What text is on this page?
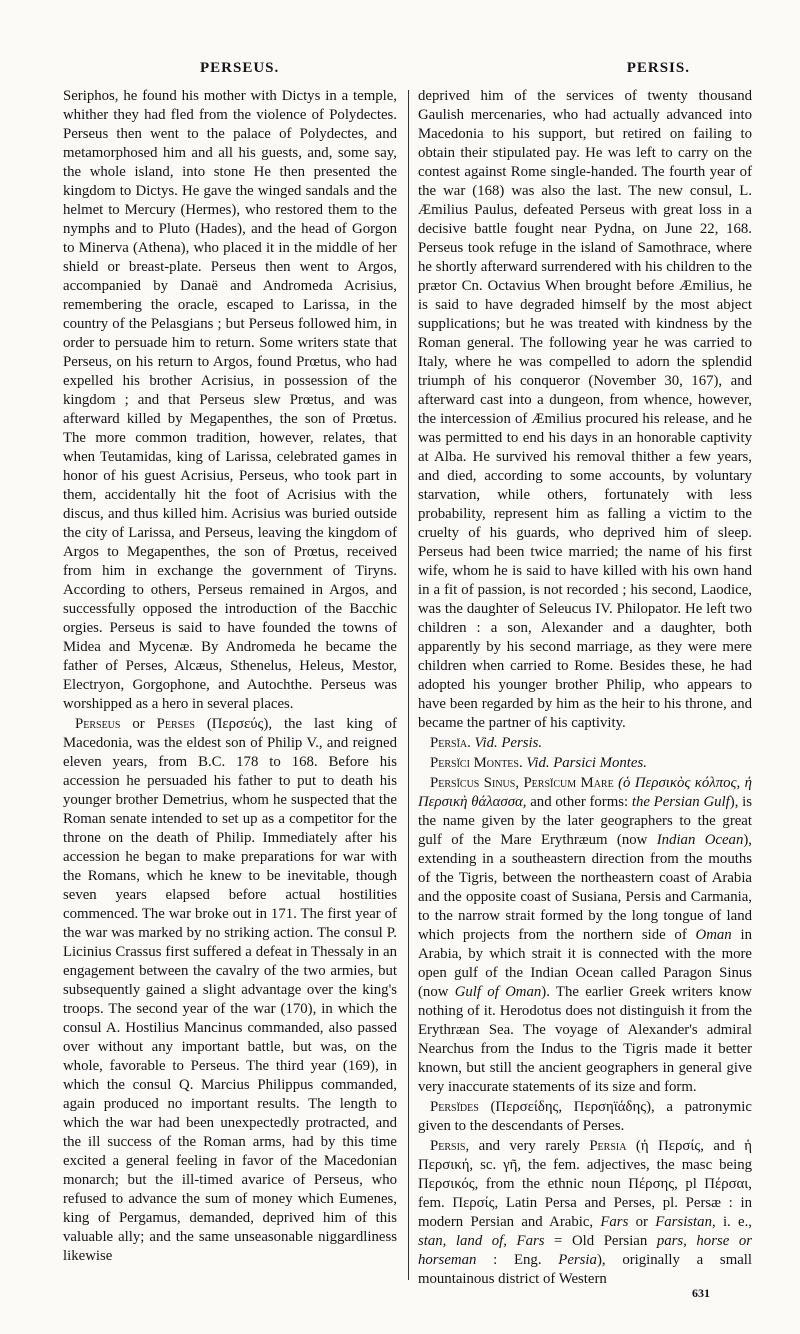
PERSEUS.	PERSIS.

Seriphos, he found his mother with Dictys in a temple, whither they had fled from the violence of Polydectes. Perseus then went to the palace of Polydectes, and metamorphosed him and all his guests, and, some say, the whole island, into stone He then presented the kingdom to Dictys. He gave the winged sandals and the helmet to Mercury (Hermes), who restored them to the nymphs and to Pluto (Hades), and the head of Gorgon to Minerva (Athena), who placed it in the middle of her shield or breast-plate. Perseus then went to Argos, accompanied by Danaë and Andromeda Acrisius, remembering the oracle, escaped to Larissa, in the country of the Pelasgians ; but Perseus followed him, in order to persuade him to return. Some writers state that Perseus, on his return to Argos, found Prœtus, who had expelled his brother Acrisius, in possession of the kingdom ; and that Perseus slew Prœtus, and was afterward killed by Megapenthes, the son of Prœtus. The more common tradition, however, relates, that when Teutamidas, king of Larissa, celebrated games in honor of his guest Acrisius, Perseus, who took part in them, accidentally hit the foot of Acrisius with the discus, and thus killed him. Acrisius was buried outside the city of Larissa, and Perseus, leaving the kingdom of Argos to Megapenthes, the son of Prœtus, received from him in exchange the government of Tiryns. According to others, Perseus remained in Argos, and successfully opposed the introduction of the Bacchic orgies. Perseus is said to have founded the towns of Midea and Mycenæ. By Andromeda he became the father of Perses, Alcæus, Sthenelus, Heleus, Mestor, Electryon, Gorgophone, and Autochthe. Perseus was worshipped as a hero in several places.

Perseus or Perses (Περσεύς), the last king of Macedonia, was the eldest son of Philip V., and reigned eleven years, from B.C. 178 to 168. Before his accession he persuaded his father to put to death his younger brother Demetrius, whom he suspected that the Roman senate intended to set up as a competitor for the throne on the death of Philip. Immediately after his accession he began to make preparations for war with the Romans, which he knew to be inevitable, though seven years elapsed before actual hostilities commenced. The war broke out in 171. The first year of the war was marked by no striking action. The consul P. Licinius Crassus first suffered a defeat in Thessaly in an engagement between the cavalry of the two armies, but subsequently gained a slight advantage over the king's troops. The second year of the war (170), in which the consul A. Hostilius Mancinus commanded, also passed over without any important battle, but was, on the whole, favorable to Perseus. The third year (169), in which the consul Q. Marcius Philippus commanded, again produced no important results. The length to which the war had been unexpectedly protracted, and the ill success of the Roman arms, had by this time excited a general feeling in favor of the Macedonian monarch; but the ill-timed avarice of Perseus, who refused to advance the sum of money which Eumenes, king of Pergamus, demanded, deprived him of this valuable ally; and the same unseasonable niggardliness likewise

deprived him of the services of twenty thousand Gaulish mercenaries, who had actually advanced into Macedonia to his support, but retired on failing to obtain their stipulated pay. He was left to carry on the contest against Rome single-handed. The fourth year of the war (168) was also the last. The new consul, L. Æmilius Paulus, defeated Perseus with great loss in a decisive battle fought near Pydna, on June 22, 168. Perseus took refuge in the island of Samothrace, where he shortly afterward surrendered with his children to the prætor Cn. Octavius When brought before Æmilius, he is said to have degraded himself by the most abject supplications; but he was treated with kindness by the Roman general. The following year he was carried to Italy, where he was compelled to adorn the splendid triumph of his conqueror (November 30, 167), and afterward cast into a dungeon, from whence, however, the intercession of Æmilius procured his release, and he was permitted to end his days in an honorable captivity at Alba. He survived his removal thither a few years, and died, according to some accounts, by voluntary starvation, while others, fortunately with less probability, represent him as falling a victim to the cruelty of his guards, who deprived him of sleep. Perseus had been twice married; the name of his first wife, whom he is said to have killed with his own hand in a fit of passion, is not recorded ; his second, Laodice, was the daughter of Seleucus IV. Philopator. He left two children : a son, Alexander and a daughter, both apparently by his second marriage, as they were mere children when carried to Rome. Besides these, he had adopted his younger brother Philip, who appears to have been regarded by him as the heir to his throne, and became the partner of his captivity.

Persĭa. Vid. Persis.

Persĭci Montes. Vid. Parsici Montes.

Persĭcus Sinus, Persĭcum Mare (ὁ Περσικὸς κόλπος, ἡ Περσικὴ θάλασσα, and other forms: the Persian Gulf), is the name given by the later geographers to the great gulf of the Mare Erythræum (now Indian Ocean), extending in a southeastern direction from the mouths of the Tigris, between the northeastern coast of Arabia and the opposite coast of Susiana, Persis and Carmania, to the narrow strait formed by the long tongue of land which projects from the northern side of Oman in Arabia, by which strait it is connected with the more open gulf of the Indian Ocean called Paragon Sinus (now Gulf of Oman). The earlier Greek writers know nothing of it. Herodotus does not distinguish it from the Erythræan Sea. The voyage of Alexander's admiral Nearchus from the Indus to the Tigris made it better known, but still the ancient geographers in general give very inaccurate statements of its size and form.

Persĭdes (Περσείδης, Περσηϊάδης), a patronymic given to the descendants of Perses.

Persis, and very rarely Persia (ἡ Περσίς, and ἡ Περσική, sc. γῆ, the fem. adjectives, the masc being Περσικός, from the ethnic noun Πέρσης, pl Πέρσαι, fem. Περσίς, Latin Persa and Perses, pl. Persæ : in modern Persian and Arabic, Fars or Farsistan, i. e., stan, land of, Fars = Old Persian pars, horse or horseman : Eng. Persia), originally a small mountainous district of Western

631
